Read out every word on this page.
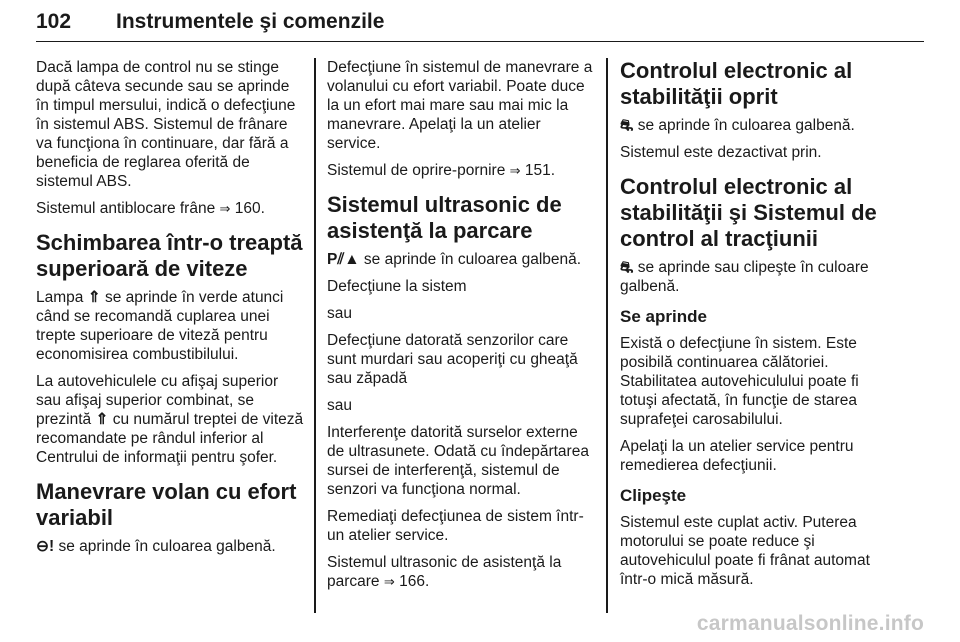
102 Instrumentele şi comenzile

Dacă lampa de control nu se stinge după câteva secunde sau se aprinde în timpul mersului, indică o defecţiune în sistemul ABS. Sistemul de frânare va funcţiona în continuare, dar fără a beneficia de reglarea oferită de sistemul ABS.

Sistemul antiblocare frâne ⇒ 160.

Schimbarea într-o treaptă superioară de viteze

Lampa ⇑ se aprinde în verde atunci când se recomandă cuplarea unei trepte superioare de viteză pentru economisirea combustibilului.

La autovehiculele cu afişaj superior sau afişaj superior combinat, se prezintă ⇑ cu numărul treptei de viteză recomandate pe rândul inferior al Centrului de informaţii pentru şofer.

Manevrare volan cu efort variabil

⊖! se aprinde în culoarea galbenă.

Defecţiune în sistemul de manevrare a volanului cu efort variabil. Poate duce la un efort mai mare sau mai mic la manevrare. Apelaţi la un atelier service.

Sistemul de oprire-pornire ⇒ 151.

Sistemul ultrasonic de asistenţă la parcare

P⫽▲ se aprinde în culoarea galbenă.

Defecţiune la sistem

sau

Defecţiune datorată senzorilor care sunt murdari sau acoperiţi cu gheaţă sau zăpadă

sau

Interferenţe datorită surselor externe de ultrasunete. Odată cu îndepărtarea sursei de interferenţă, sistemul de senzori va funcţiona normal.

Remediaţi defecţiunea de sistem într-un atelier service.

Sistemul ultrasonic de asistenţă la parcare ⇒ 166.

Controlul electronic al stabilităţii oprit

⛐ se aprinde în culoarea galbenă.

Sistemul este dezactivat prin.

Controlul electronic al stabilităţii şi Sistemul de control al tracţiunii

⛐ se aprinde sau clipeşte în culoare galbenă.

Se aprinde

Există o defecţiune în sistem. Este posibilă continuarea călătoriei. Stabilitatea autovehiculului poate fi totuşi afectată, în funcţie de starea suprafeţei carosabilului.

Apelaţi la un atelier service pentru remedierea defecţiunii.

Clipeşte

Sistemul este cuplat activ. Puterea motorului se poate reduce şi autovehiculul poate fi frânat automat într-o mică măsură.

carmanualsonline.info
